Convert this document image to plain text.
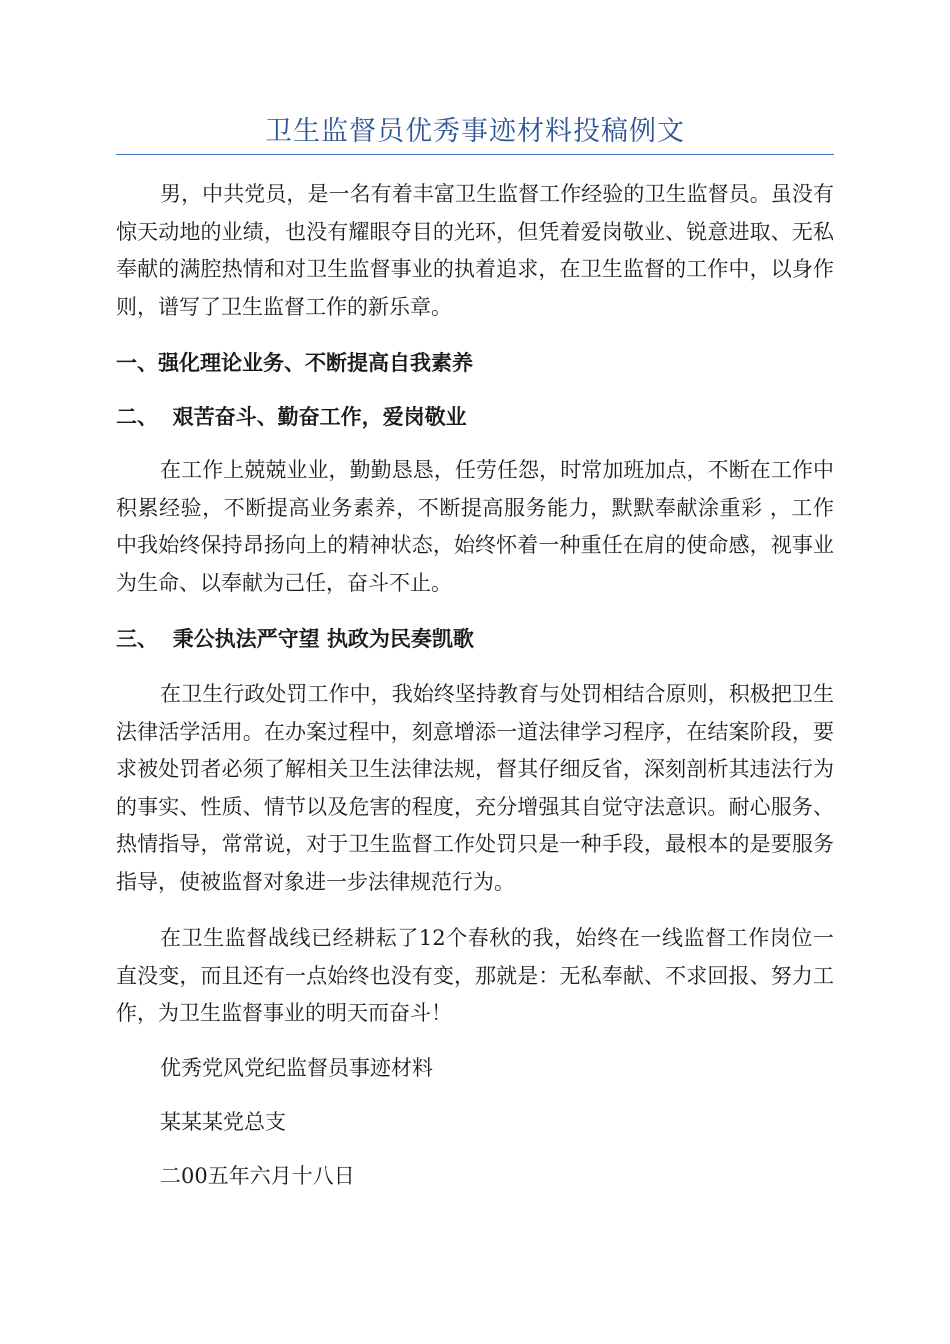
卫生监督员优秀事迹材料投稿例文

男，中共党员，是一名有着丰富卫生监督工作经验的卫生监督员。虽没有惊天动地的业绩，也没有耀眼夺目的光环，但凭着爱岗敬业、锐意进取、无私奉献的满腔热情和对卫生监督事业的执着追求，在卫生监督的工作中，以身作则，谱写了卫生监督工作的新乐章。

一、强化理论业务、不断提高自我素养

二、  艰苦奋斗、勤奋工作，爱岗敬业

在工作上兢兢业业，勤勤恳恳，任劳任怨，时常加班加点，不断在工作中积累经验，不断提高业务素养，不断提高服务能力，默默奉献涂重彩 ，工作中我始终保持昂扬向上的精神状态，始终怀着一种重任在肩的使命感，视事业为生命、以奉献为己任，奋斗不止。

三、  秉公执法严守望 执政为民奏凯歌

在卫生行政处罚工作中，我始终坚持教育与处罚相结合原则，积极把卫生法律活学活用。在办案过程中，刻意增添一道法律学习程序，在结案阶段，要求被处罚者必须了解相关卫生法律法规，督其仔细反省，深刻剖析其违法行为的事实、性质、情节以及危害的程度，充分增强其自觉守法意识。耐心服务、热情指导，常常说，对于卫生监督工作处罚只是一种手段，最根本的是要服务指导，使被监督对象进一步法律规范行为。

在卫生监督战线已经耕耘了12个春秋的我，始终在一线监督工作岗位一直没变，而且还有一点始终也没有变，那就是：无私奉献、不求回报、努力工作，为卫生监督事业的明天而奋斗！

优秀党风党纪监督员事迹材料

某某某党总支

二00五年六月十八日
